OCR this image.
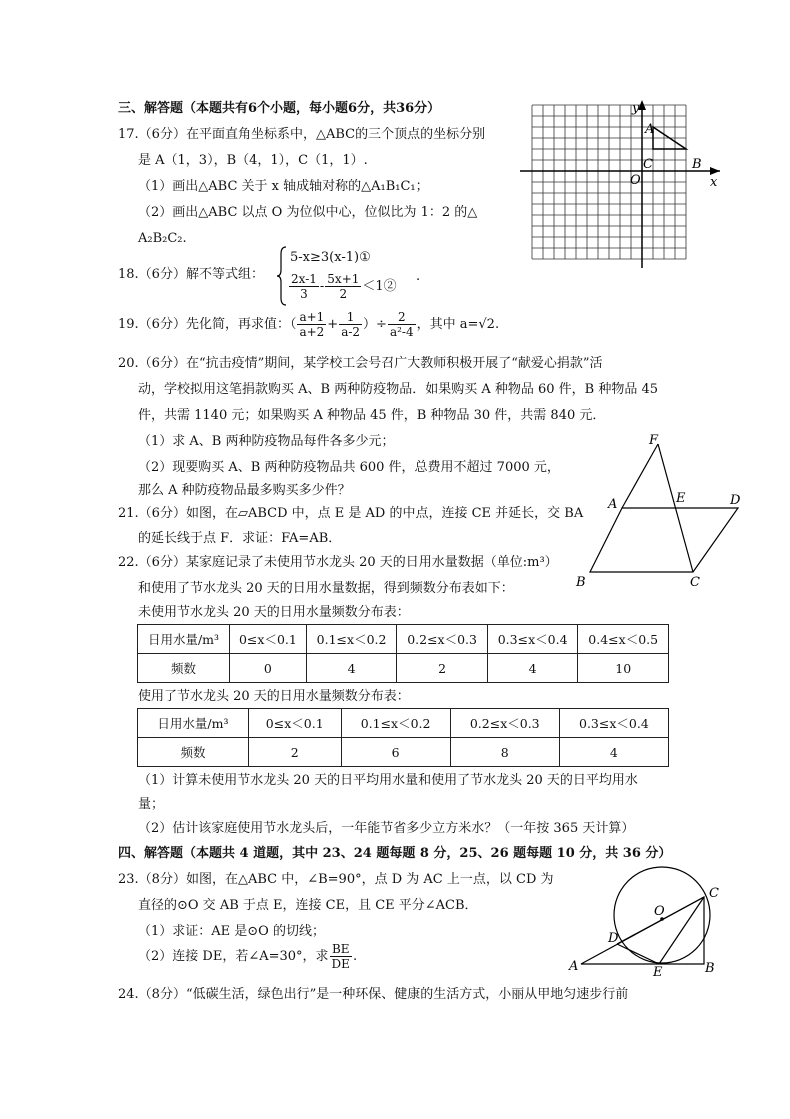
三、解答题（本题共有6个小题，每小题6分，共36分）
17.（6分）在平面直角坐标系中，△ABC的三个顶点的坐标分别
是 A（1，3），B（4，1），C（1，1）.
（1）画出△ABC 关于 x 轴成轴对称的△A₁B₁C₁；
（2）画出△ABC 以点 O 为位似中心，位似比为 1：2 的△
A₂B₂C₂.
y
x
O
A
B
C
18.（6分）解不等式组：
5-x≥3(x-1)①
$\frac{2x-1}{3} - \frac{5x+1}{2}$ ＜1②
.
19.（6分）先化简，再求值：（ $\frac{a+1}{a+2} + \frac{1}{a-2}$ ）÷ $\frac{2}{\text{a²-4}}$ ，其中 a=√2.
20.（6分）在“抗击疫情”期间，某学校工会号召广大教师积极开展了“献爱心捐款”活
动，学校拟用这笔捐款购买 A、B 两种防疫物品．如果购买 A 种物品 60 件，B 种物品 45
件，共需 1140 元；如果购买 A 种物品 45 件，B 种物品 30 件，共需 840 元．
（1）求 A、B 两种防疫物品每件各多少元；
（2）现要购买 A、B 两种防疫物品共 600 件，总费用不超过 7000 元，
那么 A 种防疫物品最多购买多少件？
F
A	E	D
B	C
21.（6分）如图，在▱ABCD 中，点 E 是 AD 的中点，连接 CE 并延长，交 BA
的延长线于点 F．求证：FA=AB．
22.（6分）某家庭记录了未使用节水龙头 20 天的日用水量数据（单位:m³）
和使用了节水龙头 20 天的日用水量数据，得到频数分布表如下：
未使用节水龙头 20 天的日用水量频数分布表：
日用水量/m³	0≤x＜0.1	0.1≤x＜0.2	0.2≤x＜0.3	0.3≤x＜0.4	0.4≤x＜0.5
频数	0	4	2	4	10
使用了节水龙头 20 天的日用水量频数分布表：
日用水量/m³	0≤x＜0.1	0.1≤x＜0.2	0.2≤x＜0.3	0.3≤x＜0.4
频数	2	6	8	4
（1）计算未使用节水龙头 20 天的日平均用水量和使用了节水龙头 20 天的日平均用水
量；
（2）估计该家庭使用节水龙头后，一年能节省多少立方米水？（一年按 365 天计算）
四、解答题（本题共 4 道题，其中 23、24 题每题 8 分，25、26 题每题 10 分，共 36 分）
23.（8分）如图，在△ABC 中，∠B=90°，点 D 为 AC 上一点，以 CD 为
直径的⊙O 交 AB 于点 E，连接 CE，且 CE 平分∠ACB．
（1）求证：AE 是⊙O 的切线；
（2）连接 DE，若∠A=30°，求 $\frac{BE}{DE}$ .
O
C
D
A	E	B
24.（8分）“低碳生活，绿色出行”是一种环保、健康的生活方式，小丽从甲地匀速步行前
